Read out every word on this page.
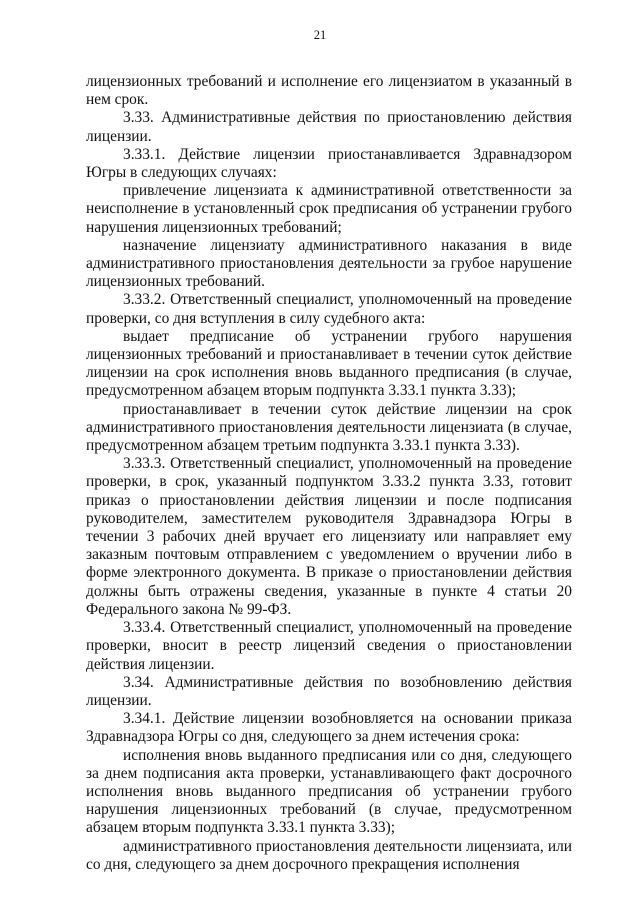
21

лицензионных требований и исполнение его лицензиатом в указанный в нем срок.

3.33. Административные действия по приостановлению действия лицензии.

3.33.1. Действие лицензии приостанавливается Здравнадзором Югры в следующих случаях:

привлечение лицензиата к административной ответственности за неисполнение в установленный срок предписания об устранении грубого нарушения лицензионных требований;

назначение лицензиату административного наказания в виде административного приостановления деятельности за грубое нарушение лицензионных требований.

3.33.2. Ответственный специалист, уполномоченный на проведение проверки, со дня вступления в силу судебного акта:

выдает предписание об устранении грубого нарушения лицензионных требований и приостанавливает в течении суток действие лицензии на срок исполнения вновь выданного предписания (в случае, предусмотренном абзацем вторым подпункта 3.33.1 пункта 3.33);

приостанавливает в течении суток действие лицензии на срок административного приостановления деятельности лицензиата (в случае, предусмотренном абзацем третьим подпункта 3.33.1 пункта 3.33).

3.33.3. Ответственный специалист, уполномоченный на проведение проверки, в срок, указанный подпунктом 3.33.2 пункта 3.33, готовит приказ о приостановлении действия лицензии и после подписания руководителем, заместителем руководителя Здравнадзора Югры в течении 3 рабочих дней вручает его лицензиату или направляет ему заказным почтовым отправлением с уведомлением о вручении либо в форме электронного документа. В приказе о приостановлении действия должны быть отражены сведения, указанные в пункте 4 статьи 20 Федерального закона № 99-ФЗ.

3.33.4. Ответственный специалист, уполномоченный на проведение проверки, вносит в реестр лицензий сведения о приостановлении действия лицензии.

3.34. Административные действия по возобновлению действия лицензии.

3.34.1. Действие лицензии возобновляется на основании приказа Здравнадзора Югры со дня, следующего за днем истечения срока:

исполнения вновь выданного предписания или со дня, следующего за днем подписания акта проверки, устанавливающего факт досрочного исполнения вновь выданного предписания об устранении грубого нарушения лицензионных требований (в случае, предусмотренном абзацем вторым подпункта 3.33.1 пункта 3.33);

административного приостановления деятельности лицензиата, или со дня, следующего за днем досрочного прекращения исполнения
